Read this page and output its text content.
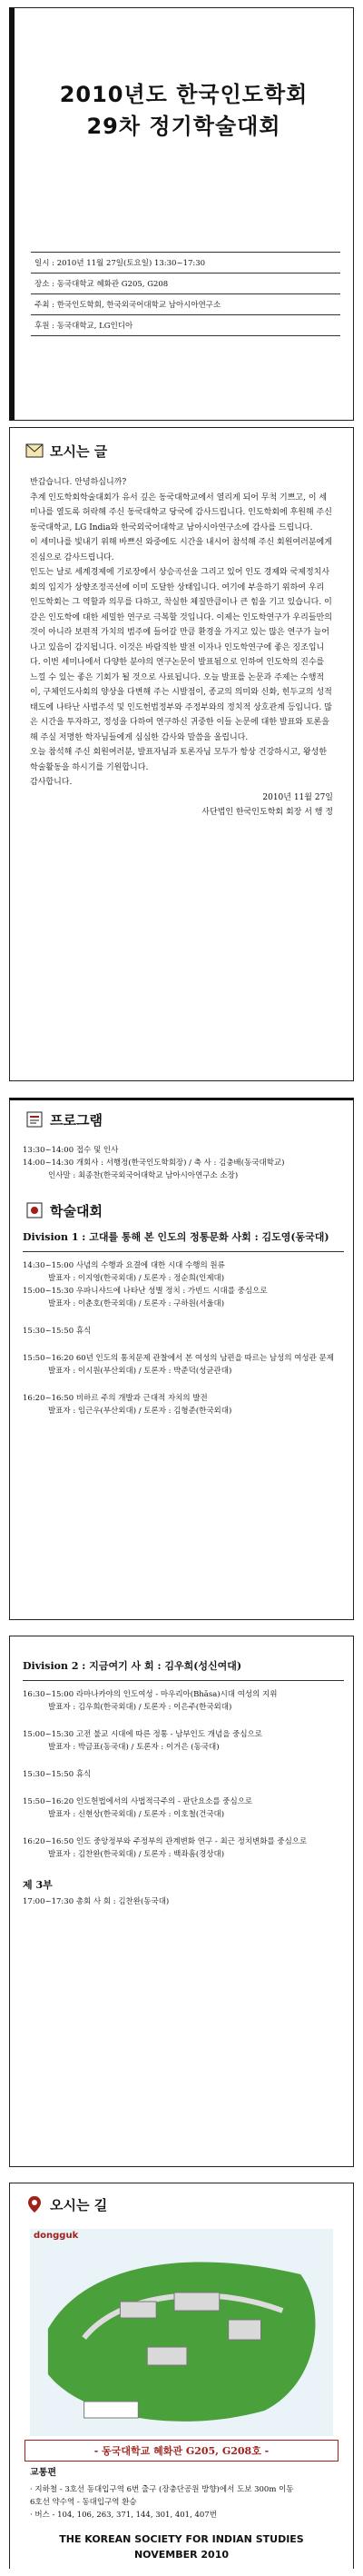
2010년도 한국인도학회
29차 정기학술대회
일시 : 2010년 11월 27일(토요일) 13:30~17:30
장소 : 동국대학교 혜화관 G205, G208
주최 : 한국인도학회, 한국외국어대학교 남아시아연구소
후원 : 동국대학교, LG인디아
모시는 글

반갑습니다. 안녕하십니까?

추계 인도학회학술대회가 유서 깊은 동국대학교에서 열리게 되어 무척 기쁘고, 이 세미나를 열도록 허락해 주신 동국대학교 당국에 감사드립니다. 인도학회에 후원해 주신 동국대학교, LG India와 한국외국어대학교 남아시아연구소에 감사를 드립니다.

이 세미나를 빛내기 위해 바쁘신 와중에도 시간을 내시어 참석해 주신 회원여러분에게 진심으로 감사드립니다.

인도는 날로 세계경제에 기로장에서 상승곡선을 그리고 있어 인도 경제와 국제정치사회의 입지가 상향조정곡선에 이미 도달한 상태입니다. 여기에 부응하기 위하여 우리 인도학회는 그 역할과 의무를 다하고, 착실한 체질만큼이나 큰 힘을 기고 있습니다. 이 같은 인도학에 대한 세밀한 연구로 극복할 것입니다. 이제는 인도학연구가 우리들만의 것이 아니라 보편적 가치의 범주에 들어갈 만큼 환경을 가지고 있는 많은 연구가 늘어나고 있음이 감지됩니다. 이것은 바람직한 발전 이자나 인도학연구에 좋은 징조입니다. 이번 세미나에서 다양한 분야의 연구논문이 발표됨으로 인하여 인도학의 진수를 느낄 수 있는 좋은 기회가 될 것으로 사료됩니다. 오늘 발표를 논문과 주제는 수행적이, 구체인도사회의 양상을 다변해 주는 시발점이, 종교의 의미와 신화, 힌두교의 성적태도에 나타난 사법주석 및 인도헌법정부와 주정부와의 정치적 상호관계 등입니다. 많은 시간을 투자하고, 정성을 다하여 연구하신 귀중한 이들 논문에 대한 발표와 토론을 해 주실 저명한 학자님들에게 심심한 감사와 말씀을 올립니다.

오늘 참석해 주신 회원여러분, 발표자님과 토론자님 모두가 항상 건강하시고, 왕성한 학술활동을 하시기를 기원합니다.

감사합니다.

2010년 11월 27일

사단법인 한국인도학회 회장 서 행 정

프로그램
13:30~14:00 접수 및 인사
14:00~14:30 개회사 : 서행정(한국인도학회장) / 축 사 : 김충배(동국대학교)
인사말 : 최종찬(한국외국어대학교 남아시아연구소 소장)
학술대회
Division 1 : 고대를 통해 본 인도의 정통문화 사회 : 김도영(동국대)
14:30~15:00 사념의 수행과 요결에 대한 시대 수행의 원류
발표자 : 이지영(한국외대) / 토론자 : 정순희(인제대)
15:00~15:30 우파니샤드에 나타난 성별 정치 : 가빈드 시대를 중심으로
발표자 : 이춘호(한국외대) / 토론자 : 구하원(서울대)
15:30~15:50 휴식
15:50~16:20 60년 인도의 통치문제 관찰에서 본 여성의 남편을 따르는 남성의 여성관 문제
발표자 : 이시원(부산외대) / 토론자 : 박준덕(성균관대)
16:20~16:50 비하르 주의 개발과 근대적 자치의 발전
발표자 : 임근우(부산외대) / 토론자 : 김형준(한국외대)
Division 2 : 지금여기 사 회 : 김우희(성신여대)
16:30~15:00 라마나카야의 인도여성 - 마우리아(Bhāsa)시대 여성의 지위
발표자 : 김우희(한국외대) / 토론자 : 이은주(한국외대)
15:00~15:30 고전 불교 시대에 따른 정통 - 남부인도 개념을 중심으로
발표자 : 박금표(동국대) / 토론자 : 이거은 (동국대)
15:30~15:50 휴식
15:50~16:20 인도헌법에서의 사법적극주의 - 판단요소를 중심으로
발표자 : 신현상(한국외대) / 토론자 : 이호철(건국대)
16:20~16:50 인도 중앙정부와 주정부의 관계변화 연구 - 최근 정치변화를 중심으로
발표자 : 김찬완(한국외대) / 토론자 : 백좌흠(경상대)
제 3부
17:00~17:30 총회 사 회 : 김찬완(동국대)
오시는 길
dongguk
- 동국대학교 혜화관 G205, G208호 -
교통편
· 지하철 - 3호선 동대입구역 6번 출구 (장충단공원 방향)에서 도보 300m 이동
6호선 약수역 - 동대입구역 환승
· 버스 - 104, 106, 263, 371, 144, 301, 401, 407번
THE KOREAN SOCIETY FOR INDIAN STUDIES
NOVEMBER 2010
